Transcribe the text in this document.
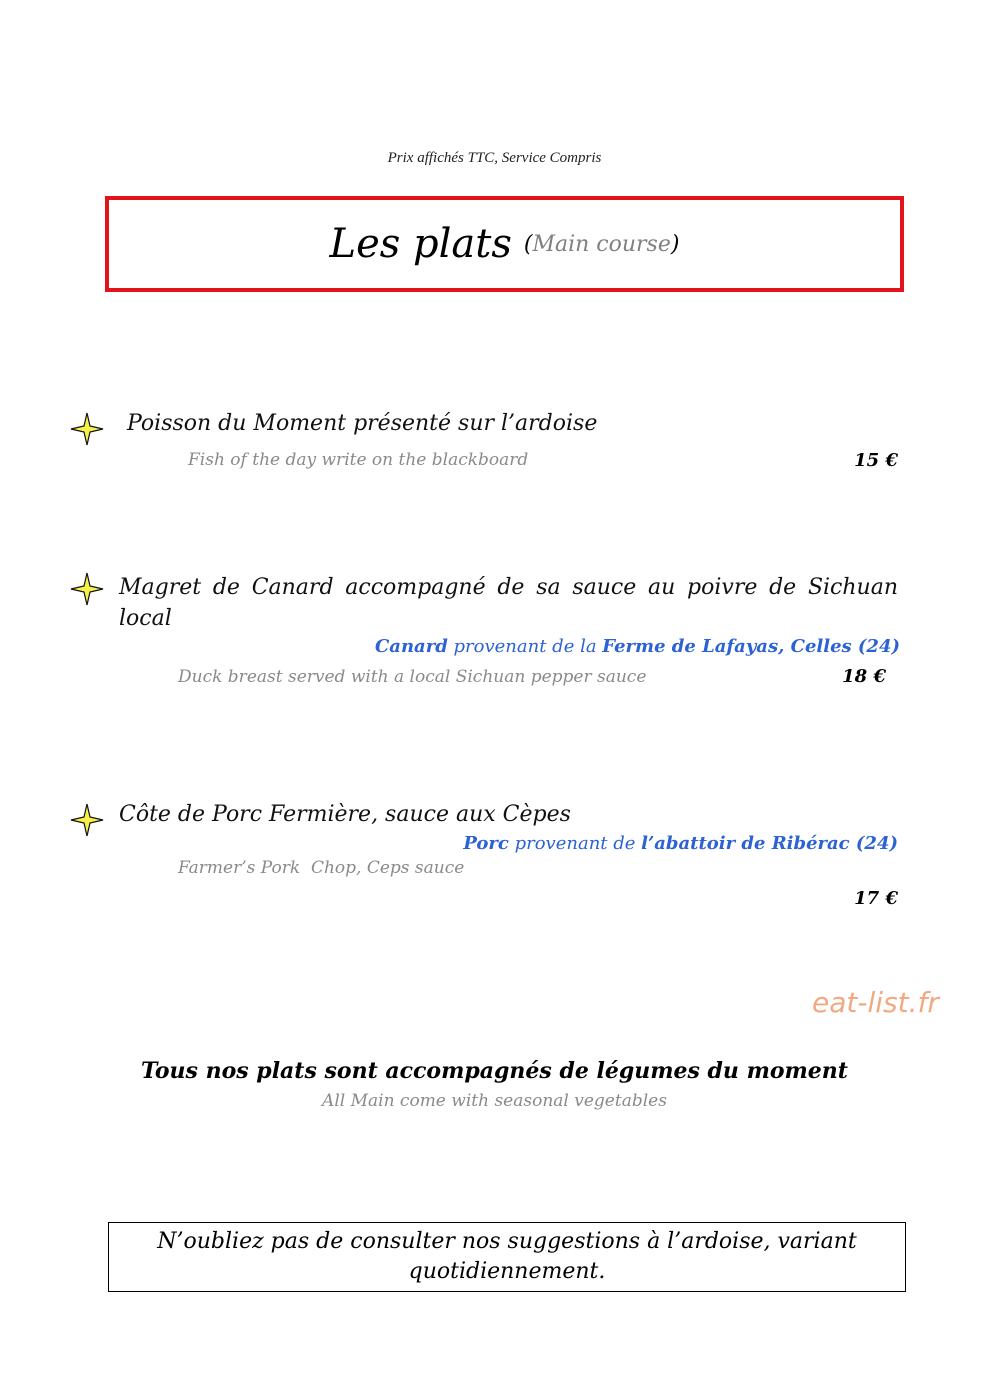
Prix affichés TTC, Service Compris
Les plats (Main course)
Poisson du Moment présenté sur l’ardoise
Fish of the day write on the blackboard	15 €
Magret de Canard accompagné de sa sauce au poivre de Sichuan local
Canard provenant de la Ferme de Lafayas, Celles (24)
Duck breast served with a local Sichuan pepper sauce	18 €
Côte de Porc Fermière, sauce aux Cèpes
Porc provenant de l’abattoir de Ribérac (24)
Farmer’s Pork  Chop, Ceps sauce
17 €
eat-list.fr
Tous nos plats sont accompagnés de légumes du moment
All Main come with seasonal vegetables
N’oubliez pas de consulter nos suggestions à l’ardoise, variant quotidiennement.
